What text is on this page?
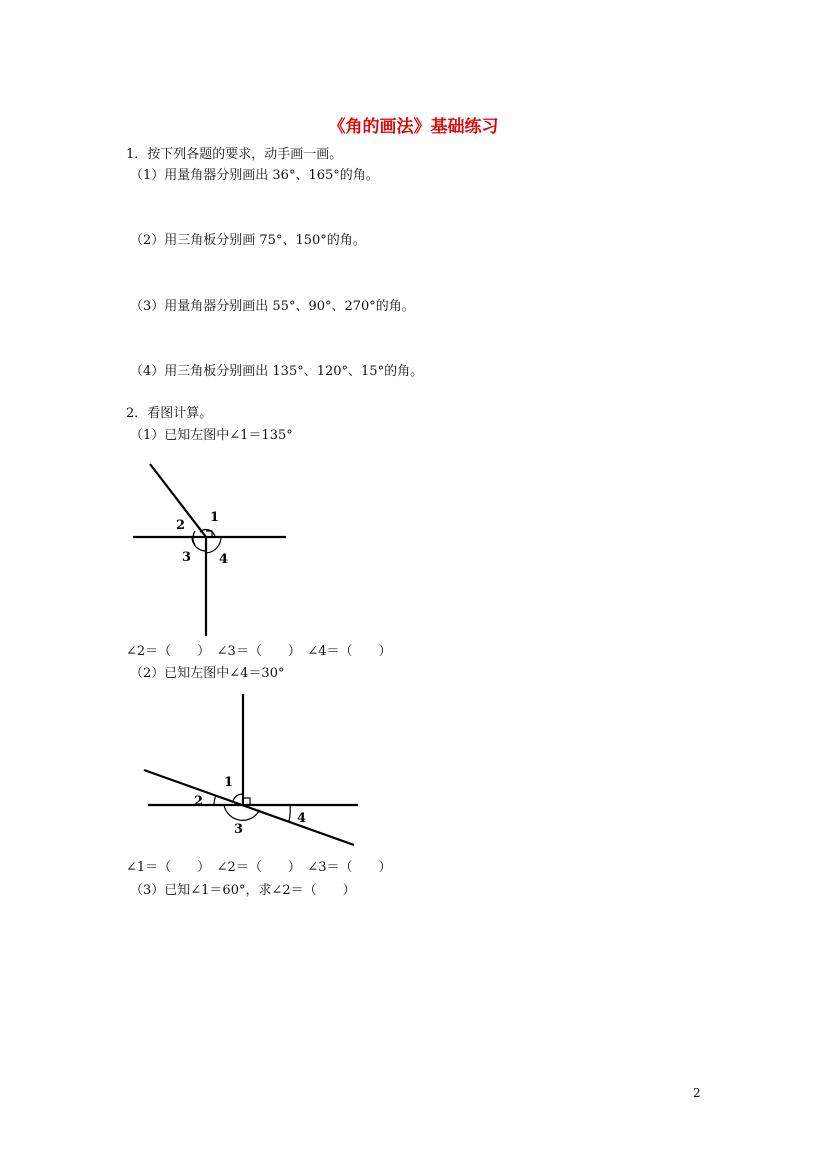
《角的画法》基础练习
1．按下列各题的要求，动手画一画。
（1）用量角器分别画出 36°、165°的角。
（2）用三角板分别画 75°、150°的角。
（3）用量角器分别画出 55°、90°、270°的角。
（4）用三角板分别画出 135°、120°、15°的角。
2．看图计算。
（1）已知左图中∠1＝135°
1
2
3 4
∠2＝（　　）　∠3＝（　　）　∠4＝（　　）
（2）已知左图中∠4＝30°
1
2
3
4
∠1＝（　　）　∠2＝（　　）　∠3＝（　　）
（3）已知∠1＝60°，求∠2＝（　　）
2
